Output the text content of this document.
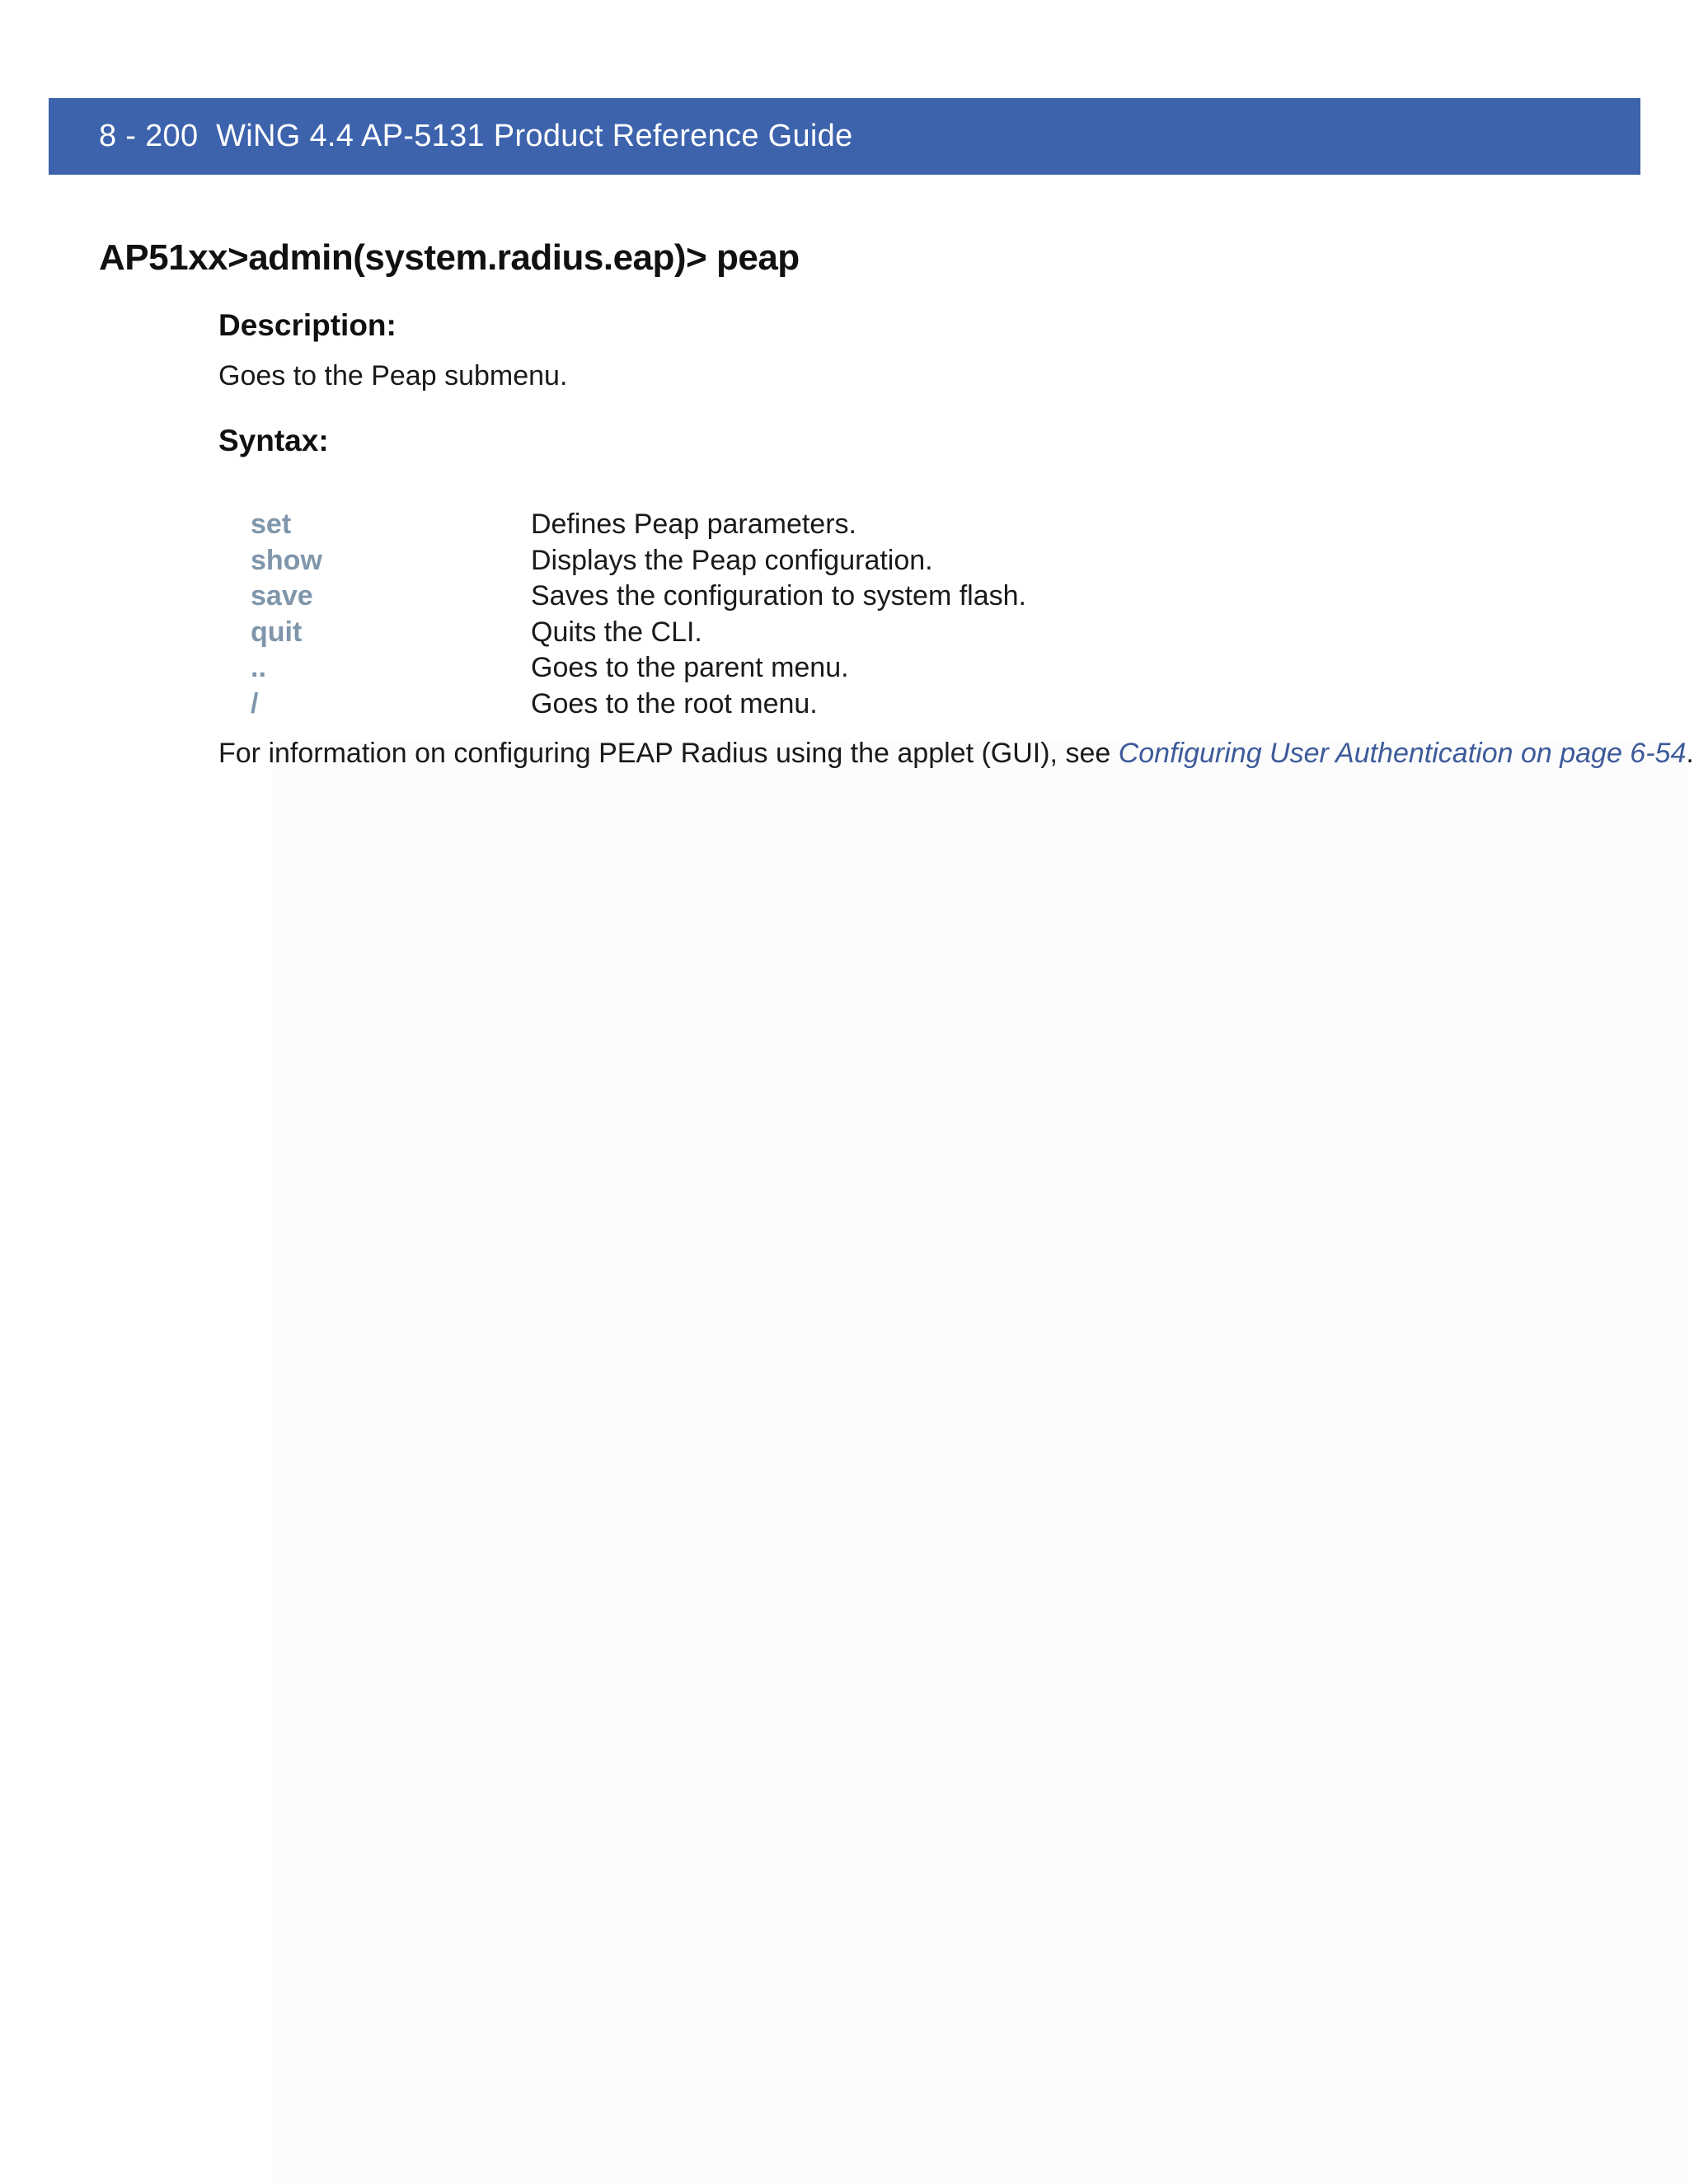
8 - 200  WiNG 4.4 AP-5131 Product Reference Guide
AP51xx>admin(system.radius.eap)> peap
Description:
Goes to the Peap submenu.
Syntax:
set	Defines Peap parameters.
show	Displays the Peap configuration.
save	Saves the configuration to system flash.
quit	Quits the CLI.
..	Goes to the parent menu.
/	Goes to the root menu.
For information on configuring PEAP Radius using the applet (GUI), see Configuring User Authentication on page 6-54.
